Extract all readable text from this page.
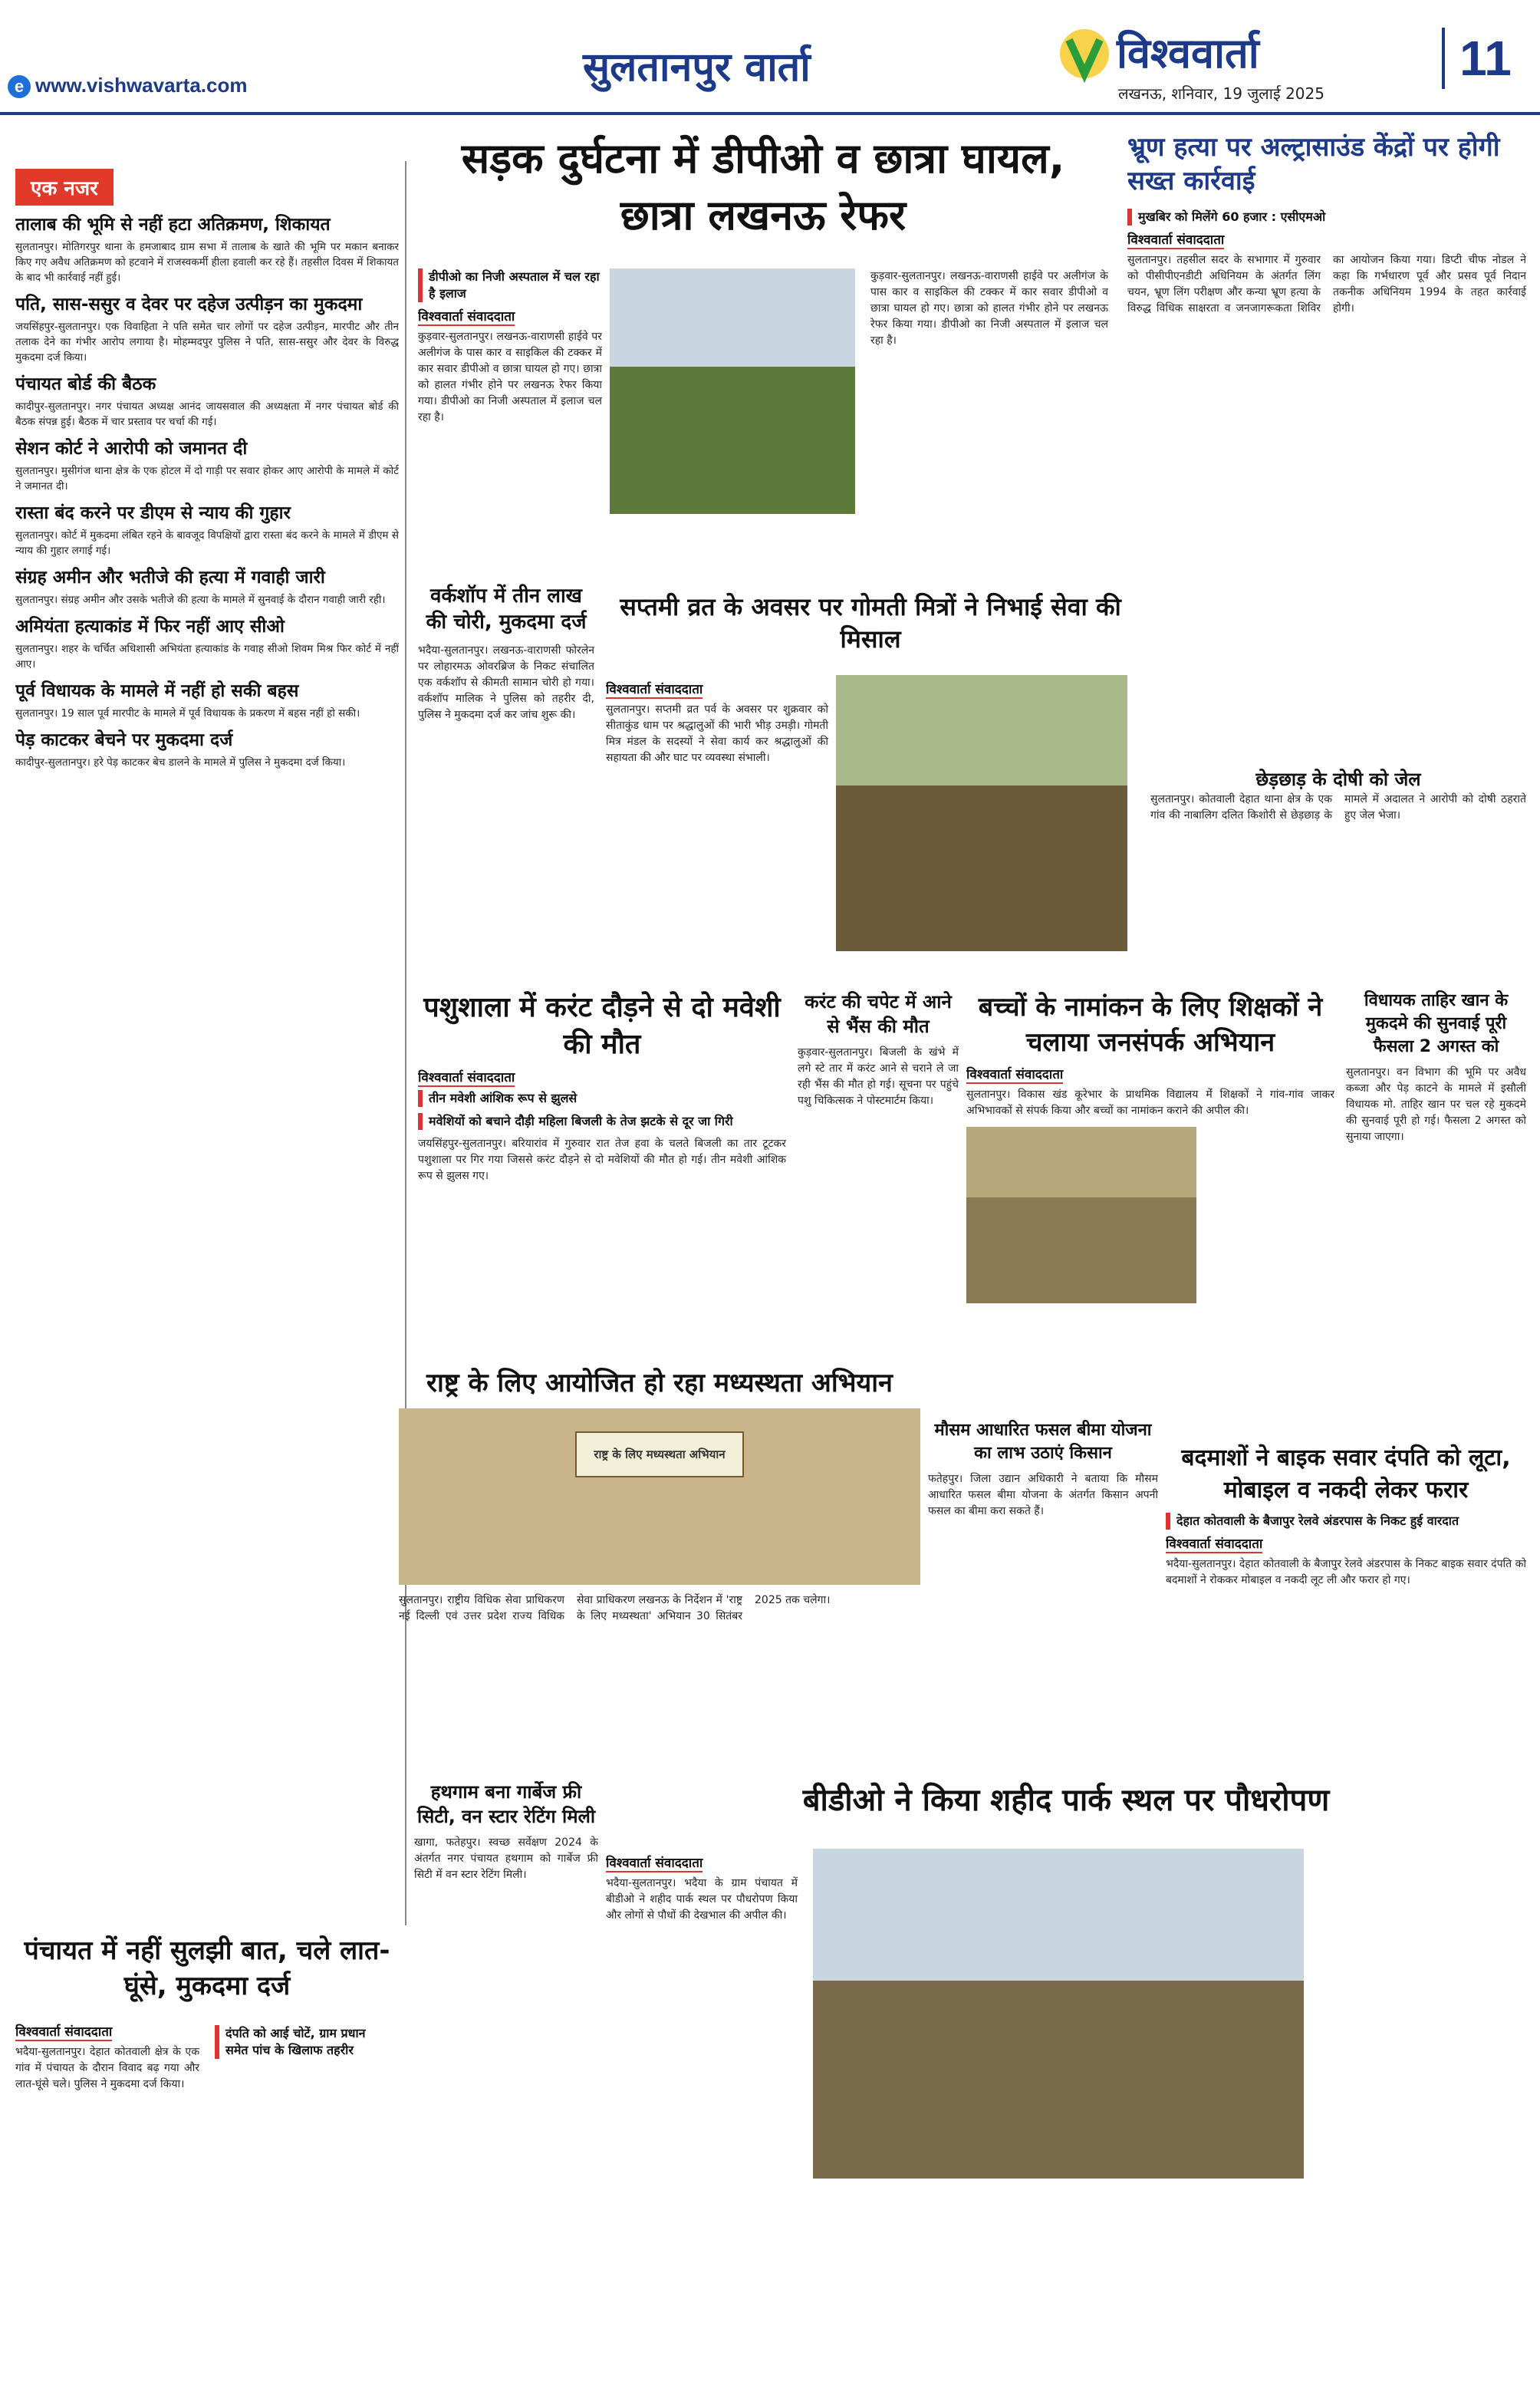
e www.vishwavarta.com	सुलतानपुर वार्ता	विश्ववार्ता
लखनऊ, शनिवार, 19 जुलाई 2025
11
एक नजर
तालाब की भूमि से नहीं हटा अतिक्रमण, शिकायत

सुलतानपुर। मोतिगरपुर थाना के हमजाबाद ग्राम सभा में तालाब के खाते की भूमि पर मकान बनाकर किए गए अवैध अतिक्रमण को हटवाने में राजस्वकर्मी हीला हवाली कर रहे हैं। तहसील दिवस में शिकायत के बाद भी कार्रवाई नहीं हुई।

पति, सास-ससुर व देवर पर दहेज उत्पीड़न का मुकदमा

जयसिंहपुर-सुलतानपुर। एक विवाहिता ने पति समेत चार लोगों पर दहेज उत्पीड़न, मारपीट और तीन तलाक देने का गंभीर आरोप लगाया है। मोहम्मदपुर पुलिस ने पति, सास-ससुर और देवर के विरुद्ध मुकदमा दर्ज किया।

पंचायत बोर्ड की बैठक

कादीपुर-सुलतानपुर। नगर पंचायत अध्यक्ष आनंद जायसवाल की अध्यक्षता में नगर पंचायत बोर्ड की बैठक संपन्न हुई। बैठक में चार प्रस्ताव पर चर्चा की गई।

सेशन कोर्ट ने आरोपी को जमानत दी

सुलतानपुर। मुसीगंज थाना क्षेत्र के एक होटल में दो गाड़ी पर सवार होकर आए आरोपी के मामले में कोर्ट ने जमानत दी।

रास्ता बंद करने पर डीएम से न्याय की गुहार

सुलतानपुर। कोर्ट में मुकदमा लंबित रहने के बावजूद विपक्षियों द्वारा रास्ता बंद करने के मामले में डीएम से न्याय की गुहार लगाई गई।

संग्रह अमीन और भतीजे की हत्या में गवाही जारी

सुलतानपुर। संग्रह अमीन और उसके भतीजे की हत्या के मामले में सुनवाई के दौरान गवाही जारी रही।

अमियंता हत्याकांड में फिर नहीं आए सीओ

सुलतानपुर। शहर के चर्चित अधिशासी अभियंता हत्याकांड के गवाह सीओ शिवम मिश्र फिर कोर्ट में नहीं आए।

पूर्व विधायक के मामले में नहीं हो सकी बहस

सुलतानपुर। 19 साल पूर्व मारपीट के मामले में पूर्व विधायक के प्रकरण में बहस नहीं हो सकी।

पेड़ काटकर बेचने पर मुकदमा दर्ज

कादीपुर-सुलतानपुर। हरे पेड़ काटकर बेच डालने के मामले में पुलिस ने मुकदमा दर्ज किया।

सड़क दुर्घटना में डीपीओ व छात्रा घायल, छात्रा लखनऊ रेफर
डीपीओ का निजी अस्पताल में चल रहा है इलाज
विश्ववार्ता संवाददाता
कुड़वार-सुलतानपुर। लखनऊ-वाराणसी हाईवे पर अलीगंज के पास कार व साइकिल की टक्कर में कार सवार डीपीओ व छात्रा घायल हो गए। छात्रा को हालत गंभीर होने पर लखनऊ रेफर किया गया। डीपीओ का निजी अस्पताल में इलाज चल रहा है।
कुड़वार-सुलतानपुर। लखनऊ-वाराणसी हाईवे पर अलीगंज के पास कार व साइकिल की टक्कर में कार सवार डीपीओ व छात्रा घायल हो गए। छात्रा को हालत गंभीर होने पर लखनऊ रेफर किया गया। डीपीओ का निजी अस्पताल में इलाज चल रहा है।
भ्रूण हत्या पर अल्ट्रासाउंड केंद्रों पर होगी सख्त कार्रवाई
मुखबिर को मिलेंगे 60 हजार : एसीएमओ
विश्ववार्ता संवाददाता
सुलतानपुर। तहसील सदर के सभागार में गुरुवार को पीसीपीएनडीटी अधिनियम के अंतर्गत लिंग चयन, भ्रूण लिंग परीक्षण और कन्या भ्रूण हत्या के विरुद्ध विधिक साक्षरता व जनजागरूकता शिविर का आयोजन किया गया। डिप्टी चीफ नोडल ने कहा कि गर्भधारण पूर्व और प्रसव पूर्व निदान तकनीक अधिनियम 1994 के तहत कार्रवाई होगी।
वर्कशॉप में तीन लाख की चोरी, मुकदमा दर्ज
भदैया-सुलतानपुर। लखनऊ-वाराणसी फोरलेन पर लोहारमऊ ओवरब्रिज के निकट संचालित एक वर्कशॉप से कीमती सामान चोरी हो गया। वर्कशॉप मालिक ने पुलिस को तहरीर दी, पुलिस ने मुकदमा दर्ज कर जांच शुरू की।
सप्तमी व्रत के अवसर पर गोमती मित्रों ने निभाई सेवा की मिसाल
विश्ववार्ता संवाददाता
सुलतानपुर। सप्तमी व्रत पर्व के अवसर पर शुक्रवार को सीताकुंड धाम पर श्रद्धालुओं की भारी भीड़ उमड़ी। गोमती मित्र मंडल के सदस्यों ने सेवा कार्य कर श्रद्धालुओं की सहायता की और घाट पर व्यवस्था संभाली।
छेड़छाड़ के दोषी को जेल
सुलतानपुर। कोतवाली देहात थाना क्षेत्र के एक गांव की नाबालिग दलित किशोरी से छेड़छाड़ के मामले में अदालत ने आरोपी को दोषी ठहराते हुए जेल भेजा।
पशुशाला में करंट दौड़ने से दो मवेशी की मौत
विश्ववार्ता संवाददाता
तीन मवेशी आंशिक रूप से झुलसे
मवेशियों को बचाने दौड़ी महिला बिजली के तेज झटके से दूर जा गिरी
जयसिंहपुर-सुलतानपुर। बरियारांव में गुरुवार रात तेज हवा के चलते बिजली का तार टूटकर पशुशाला पर गिर गया जिससे करंट दौड़ने से दो मवेशियों की मौत हो गई। तीन मवेशी आंशिक रूप से झुलस गए।
करंट की चपेट में आने से भैंस की मौत
कुड़वार-सुलतानपुर। बिजली के खंभे में लगे स्टे तार में करंट आने से चराने ले जा रही भैंस की मौत हो गई। सूचना पर पहुंचे पशु चिकित्सक ने पोस्टमार्टम किया।
बच्चों के नामांकन के लिए शिक्षकों ने चलाया जनसंपर्क अभियान
विश्ववार्ता संवाददाता
सुलतानपुर। विकास खंड कूरेभार के प्राथमिक विद्यालय मेंं शिक्षकों ने गांव-गांव जाकर अभिभावकों से संपर्क किया और बच्चों का नामांकन कराने की अपील की।
विधायक ताहिर खान के मुकदमे की सुनवाई पूरी फैसला 2 अगस्त को
सुलतानपुर। वन विभाग की भूमि पर अवैध कब्जा और पेड़ काटने के मामले में इसौली विधायक मो. ताहिर खान पर चल रहे मुकदमे की सुनवाई पूरी हो गई। फैसला 2 अगस्त को सुनाया जाएगा।
राष्ट्र के लिए आयोजित हो रहा मध्यस्थता अभियान
राष्ट्र के लिए मध्यस्थता अभियान
सुलतानपुर। राष्ट्रीय विधिक सेवा प्राधिकरण नई दिल्ली एवं उत्तर प्रदेश राज्य विधिक सेवा प्राधिकरण लखनऊ के निर्देशन में 'राष्ट्र के लिए मध्यस्थता' अभियान 30 सितंबर 2025 तक चलेगा।
मौसम आधारित फसल बीमा योजना का लाभ उठाएं किसान
फतेहपुर। जिला उद्यान अधिकारी ने बताया कि मौसम आधारित फसल बीमा योजना के अंतर्गत किसान अपनी फसल का बीमा करा सकते हैं।
बदमाशों ने बाइक सवार दंपति को लूटा, मोबाइल व नकदी लेकर फरार
देहात कोतवाली के बैजापुर रेलवे अंडरपास के निकट हुई वारदात
विश्ववार्ता संवाददाता
भदैया-सुलतानपुर। देहात कोतवाली के बैजापुर रेलवे अंडरपास के निकट बाइक सवार दंपति को बदमाशों ने रोककर मोबाइल व नकदी लूट ली और फरार हो गए।
पंचायत में नहीं सुलझी बात, चले लात-घूंसे, मुकदमा दर्ज
विश्ववार्ता संवाददाता
भदैया-सुलतानपुर। देहात कोतवाली क्षेत्र के एक गांव में पंचायत के दौरान विवाद बढ़ गया और लात-घूंसे चले। पुलिस ने मुकदमा दर्ज किया।
दंपति को आई चोटें, ग्राम प्रधान समेत पांच के खिलाफ तहरीर
हथगाम बना गार्बेज फ्री सिटी, वन स्टार रेटिंग मिली
खागा, फतेहपुर। स्वच्छ सर्वेक्षण 2024 के अंतर्गत नगर पंचायत हथगाम को गार्बेज फ्री सिटी में वन स्टार रेटिंग मिली।
बीडीओ ने किया शहीद पार्क स्थल पर पौधरोपण
विश्ववार्ता संवाददाता
भदैया-सुलतानपुर। भदैया के ग्राम पंचायत में बीडीओ ने शहीद पार्क स्थल पर पौधरोपण किया और लोगों से पौधों की देखभाल की अपील की।
